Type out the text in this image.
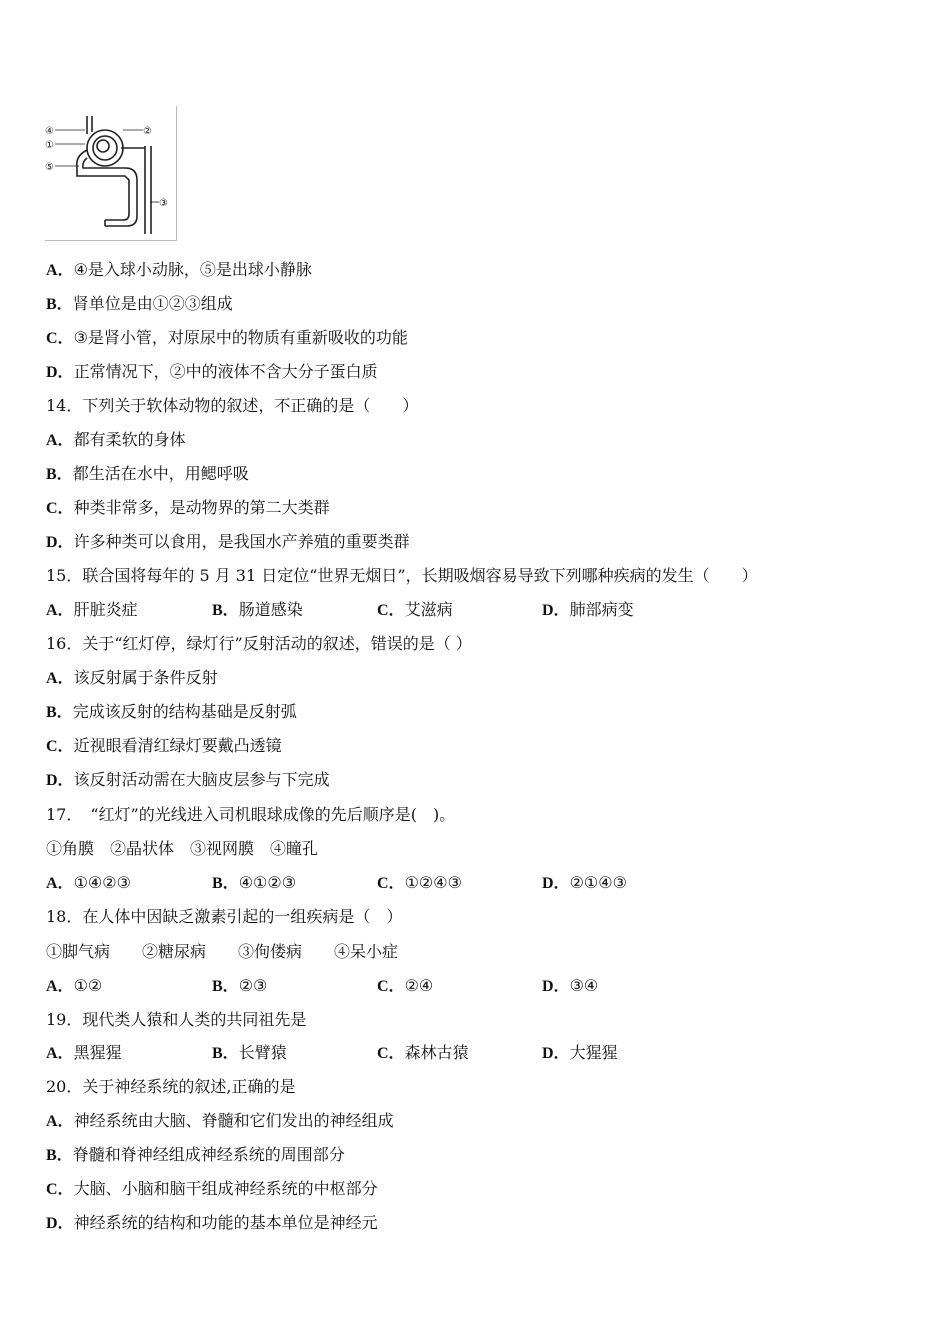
④
①
⑤
②
③
A．④是入球小动脉，⑤是出球小静脉
B．肾单位是由①②③组成
C．③是肾小管，对原尿中的物质有重新吸收的功能
D．正常情况下，②中的液体不含大分子蛋白质
14．下列关于软体动物的叙述，不正确的是（　　）
A．都有柔软的身体
B．都生活在水中，用鳃呼吸
C．种类非常多，是动物界的第二大类群
D．许多种类可以食用，是我国水产养殖的重要类群
15．联合国将每年的 5 月 31 日定位“世界无烟日”，长期吸烟容易导致下列哪种疾病的发生（　　）
A．肝脏炎症	B．肠道感染	C．艾滋病	D．肺部病变
16．关于“红灯停，绿灯行”反射活动的叙述，错误的是（ ）
A．该反射属于条件反射
B．完成该反射的结构基础是反射弧
C．近视眼看清红绿灯要戴凸透镜
D．该反射活动需在大脑皮层参与下完成
17．　“红灯”的光线进入司机眼球成像的先后顺序是(　)。
①角膜　②晶状体　③视网膜　④瞳孔
A．①④②③	B．④①②③	C．①②④③	D．②①④③
18．在人体中因缺乏激素引起的一组疾病是（　）
①脚气病　　②糖尿病　　③佝偻病　　④呆小症
A．①②	B．②③	C．②④	D．③④
19．现代类人猿和人类的共同祖先是
A．黑猩猩	B．长臂猿	C．森林古猿	D．大猩猩
20．关于神经系统的叙述,正确的是
A．神经系统由大脑、脊髓和它们发出的神经组成
B．脊髓和脊神经组成神经系统的周围部分
C．大脑、小脑和脑干组成神经系统的中枢部分
D．神经系统的结构和功能的基本单位是神经元
